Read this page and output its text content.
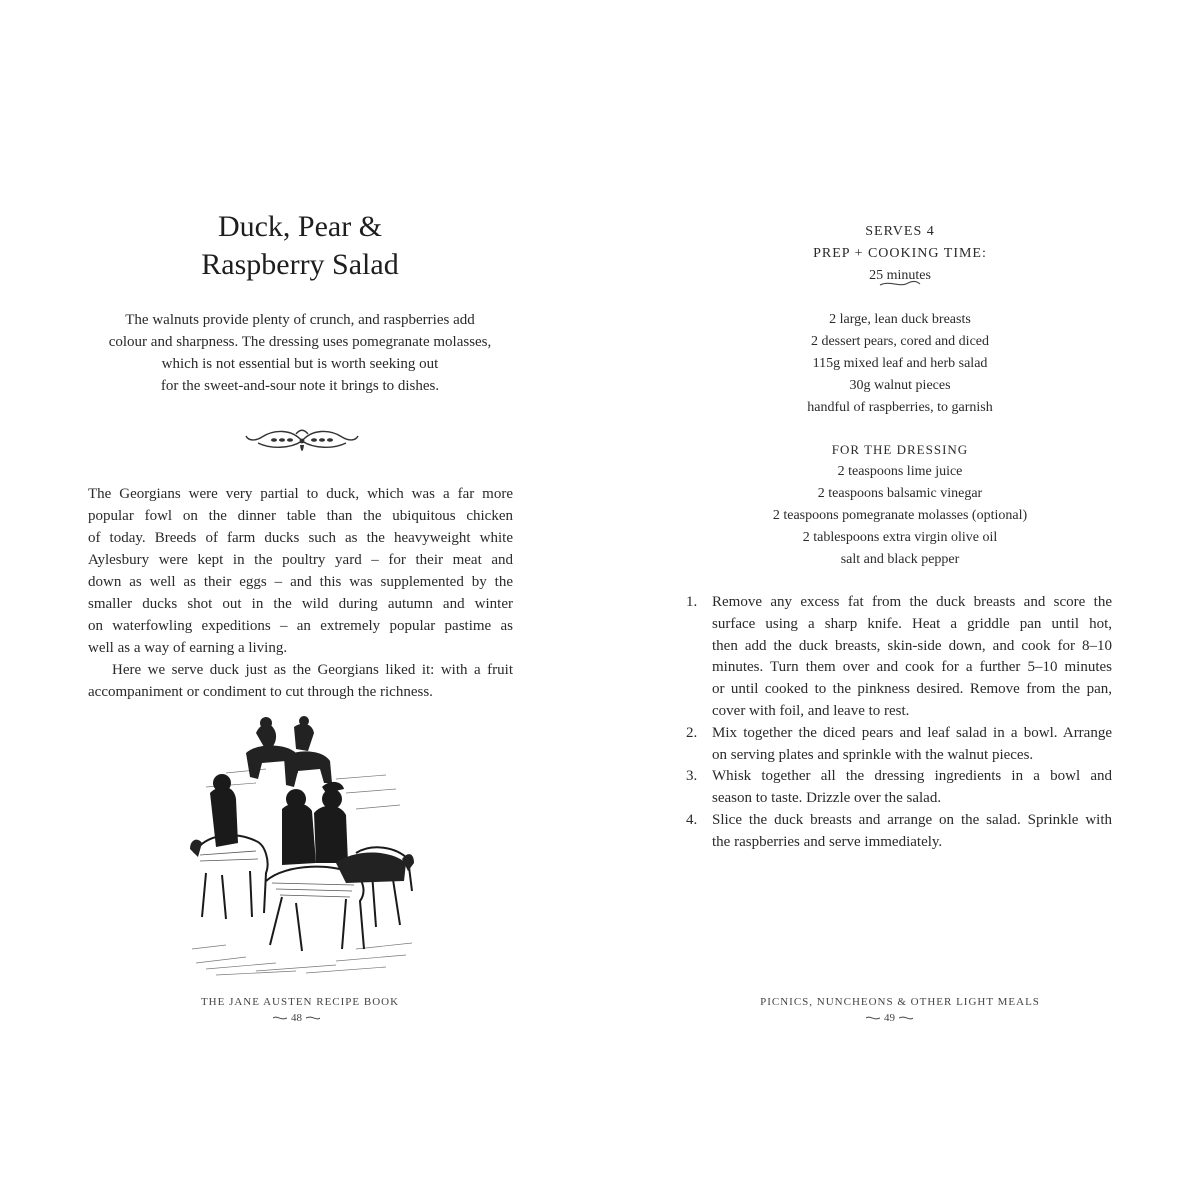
Duck, Pear &
Raspberry Salad

The walnuts provide plenty of crunch, and raspberries add
colour and sharpness. The dressing uses pomegranate molasses,
which is not essential but is worth seeking out
for the sweet-and-sour note it brings to dishes.

The Georgians were very partial to duck, which was a far more
popular fowl on the dinner table than the ubiquitous chicken
of today. Breeds of farm ducks such as the heavyweight white
Aylesbury were kept in the poultry yard – for their meat and
down as well as their eggs – and this was supplemented by the
smaller ducks shot out in the wild during autumn and winter
on waterfowling expeditions – an extremely popular pastime as
well as a way of earning a living.
Here we serve duck just as the Georgians liked it: with a fruit
accompaniment or condiment to cut through the richness.
THE JANE AUSTEN RECIPE BOOK
48
SERVES 4
PREP + COOKING TIME:
25 minutes
2 large, lean duck breasts
2 dessert pears, cored and diced
115g mixed leaf and herb salad
30g walnut pieces
handful of raspberries, to garnish

FOR THE DRESSING

2 teaspoons lime juice
2 teaspoons balsamic vinegar
2 teaspoons pomegranate molasses (optional)
2 tablespoons extra virgin olive oil
salt and black pepper
1. Remove any excess fat from the duck breasts and score the
surface using a sharp knife. Heat a griddle pan until hot,
then add the duck breasts, skin-side down, and cook for 8–10
minutes. Turn them over and cook for a further 5–10 minutes
or until cooked to the pinkness desired. Remove from the pan,
cover with foil, and leave to rest.
2. Mix together the diced pears and leaf salad in a bowl. Arrange
on serving plates and sprinkle with the walnut pieces.
3. Whisk together all the dressing ingredients in a bowl and
season to taste. Drizzle over the salad.
4. Slice the duck breasts and arrange on the salad. Sprinkle with
the raspberries and serve immediately.
PICNICS, NUNCHEONS & OTHER LIGHT MEALS
49
